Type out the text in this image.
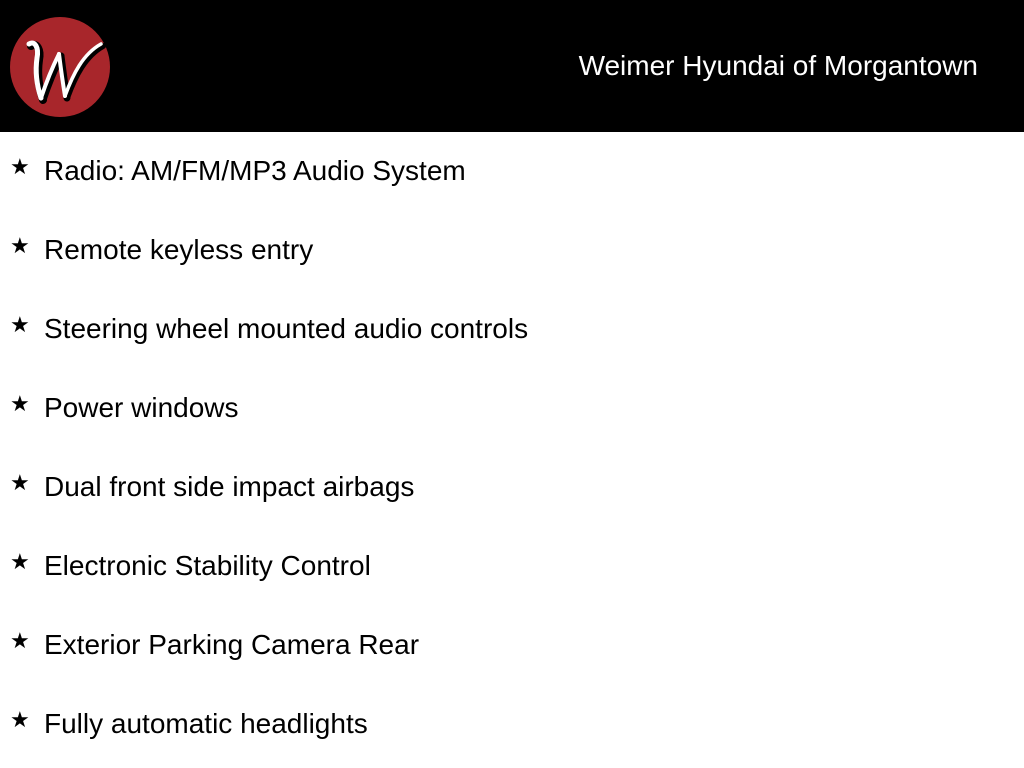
Weimer Hyundai of Morgantown
★ Radio: AM/FM/MP3 Audio System
★ Remote keyless entry
★ Steering wheel mounted audio controls
★ Power windows
★ Dual front side impact airbags
★ Electronic Stability Control
★ Exterior Parking Camera Rear
★ Fully automatic headlights
